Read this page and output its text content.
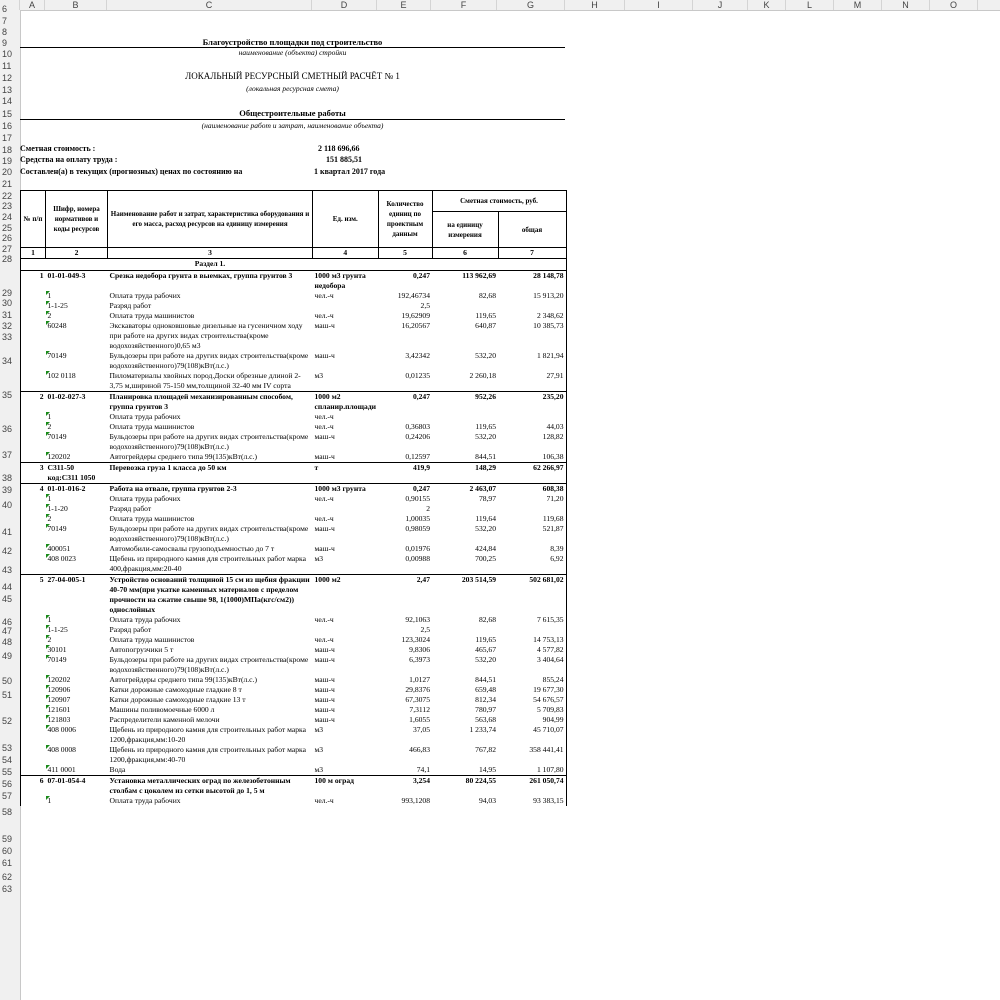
A	B	C	D	E	F	G	H	I	J	K	L	M	N	O
6
7
8
9
10
11
12
13
14
15
16
17
18
19
20
21
22
23
24
25
26
27
28
29
30
31
32
33
34
35
36
37
38
39
40
41
42
43
44
45
46
47
48
49
50
51
52
53
54
55
56
57
58
59
60
61
62
63
Благоустройство площадки под строительство
наименование (объекта) стройки
ЛОКАЛЬНЫЙ РЕСУРСНЫЙ СМЕТНЫЙ РАСЧЁТ № 1
(локальная ресурсная смета)
Общестроительные работы
(наименование работ и затрат, наименование объекта)
Сметная стоимость :	2 118 696,66
Средства на оплату труда :	151 885,51
Составлен(а) в текущих (прогнозных) ценах по состоянию на	1 квартал 2017 года
№ п/п	Шифр, номера нормативов и коды ресурсов	Наименование работ и затрат, характеристика оборудования и его масса, расход ресурсов на единицу измерения	Ед. изм.	Количество единиц по проектным данным	Сметная стоимость, руб.	
					на единицу измерения	общая
1	2	3	4	5	6	7
		Раздел 1.				
1	01-01-049-3	Срезка недобора грунта в выемках, группа грунтов 3	1000 м3 грунта недобора	0,247	113 962,69	28 148,78
	1	Оплата труда рабочих	чел.-ч	192,46734	82,68	15 913,20
	1-1-25	Разряд работ		2,5		
	2	Оплата труда машинистов	чел.-ч	19,62909	119,65	2 348,62
	60248	Экскаваторы одноковшовые дизельные на гусеничном ходу при работе на других видах строительства(кроме водохозяйственного)0,65 м3	маш-ч	16,20567	640,87	10 385,73
	70149	Бульдозеры при работе на других видах строительства(кроме водохозяйственного)79(108)кВт(л.с.)	маш-ч	3,42342	532,20	1 821,94
	102 0118	Пиломатериалы хвойных пород.Доски обрезные длиной 2-3,75 м,шириной 75-150 мм,толщиной 32-40 мм IV сорта	м3	0,01235	2 260,18	27,91
2	01-02-027-3	Планировка площадей механизированным способом, группа грунтов 3	1000 м2 спланир.площади	0,247	952,26	235,20
	1	Оплата труда рабочих	чел.-ч			
	2	Оплата труда машинистов	чел.-ч	0,36803	119,65	44,03
	70149	Бульдозеры при работе на других видах строительства(кроме водохозяйственного)79(108)кВт(л.с.)	маш-ч	0,24206	532,20	128,82
	120202	Автогрейдеры среднего типа 99(135)кВт(л.с.)	маш-ч	0,12597	844,51	106,38
3	С311-50 код:С311 1050	Перевозка груза 1 класса до 50 км	т	419,9	148,29	62 266,97
4	01-01-016-2	Работа на отвале, группа грунтов 2-3	1000 м3 грунта	0,247	2 463,07	608,38
	1	Оплата труда рабочих	чел.-ч	0,90155	78,97	71,20
	1-1-20	Разряд работ		2		
	2	Оплата труда машинистов	чел.-ч	1,00035	119,64	119,68
	70149	Бульдозеры при работе на других видах строительства(кроме водохозяйственного)79(108)кВт(л.с.)	маш-ч	0,98059	532,20	521,87
	400051	Автомобили-самосвалы грузоподъемностью до 7 т	маш-ч	0,01976	424,84	8,39
	408 0023	Щебень из природного камня для строительных работ марка 400,фракция,мм:20-40	м3	0,00988	700,25	6,92
5	27-04-005-1	Устройство оснований толщиной 15 см из щебня фракции 40-70 мм(при укатке каменных материалов с пределом прочности на сжатие свыше 98, 1(1000)МПа(кгс/см2)) однослойных	1000 м2	2,47	203 514,59	502 681,02
	1	Оплата труда рабочих	чел.-ч	92,1063	82,68	7 615,35
	1-1-25	Разряд работ		2,5		
	2	Оплата труда машинистов	чел.-ч	123,3024	119,65	14 753,13
	30101	Автопогрузчики 5 т	маш-ч	9,8306	465,67	4 577,82
	70149	Бульдозеры при работе на других видах строительства(кроме водохозяйственного)79(108)кВт(л.с.)	маш-ч	6,3973	532,20	3 404,64
	120202	Автогрейдеры среднего типа 99(135)кВт(л.с.)	маш-ч	1,0127	844,51	855,24
	120906	Катки дорожные самоходные гладкие 8 т	маш-ч	29,8376	659,48	19 677,30
	120907	Катки дорожные самоходные гладкие 13 т	маш-ч	67,3075	812,34	54 676,57
	121601	Машины поливомоечные 6000 л	маш-ч	7,3112	780,97	5 709,83
	121803	Распределители каменной мелочи	маш-ч	1,6055	563,68	904,99
	408 0006	Щебень из природного камня для строительных работ марка 1200,фракция,мм:10-20	м3	37,05	1 233,74	45 710,07
	408 0008	Щебень из природного камня для строительных работ марка 1200,фракция,мм:40-70	м3	466,83	767,82	358 441,41
	411 0001	Вода	м3	74,1	14,95	1 107,80
6	07-01-054-4	Установка металлических оград по железобетонным столбам с цоколем из сетки высотой до 1, 5 м	100 м оград	3,254	80 224,55	261 050,74
	1	Оплата труда рабочих	чел.-ч	993,1208	94,03	93 383,15
